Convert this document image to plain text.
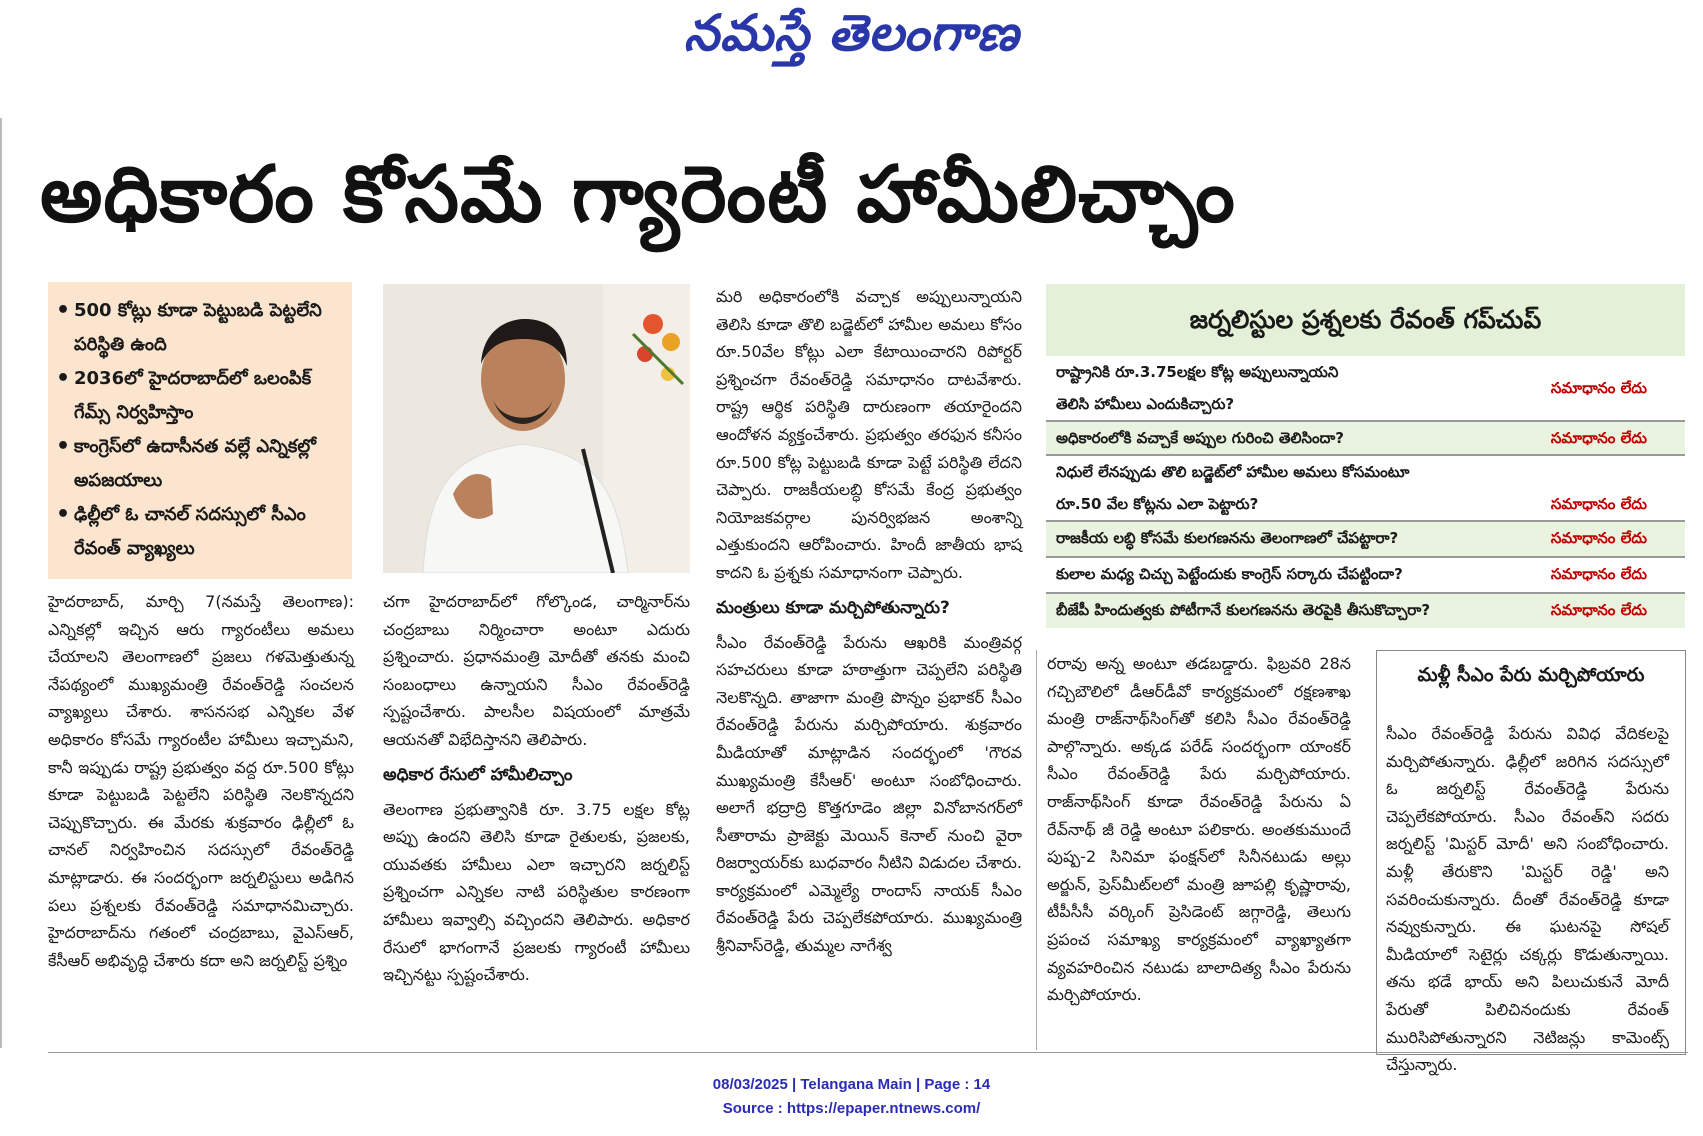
నమస్తే తెలంగాణ
అధికారం కోసమే గ్యారెంటీ హామీలిచ్చాం
• 500 కోట్లు కూడా పెట్టుబడి పెట్టలేని పరిస్థితి ఉంది
• 2036లో హైదరాబాద్‌లో ఒలంపిక్ గేమ్స్ నిర్వహిస్తాం
• కాంగ్రెస్‌లో ఉదాసీనత వల్లే ఎన్నికల్లో అపజయాలు
• ఢిల్లీలో ఓ చానల్ సదస్సులో సీఎం రేవంత్ వ్యాఖ్యలు

హైదరాబాద్, మార్చి 7(నమస్తే తెలంగాణ): ఎన్నికల్లో ఇచ్చిన ఆరు గ్యారంటీలు అమలు చేయాలని తెలంగాణలో ప్రజలు గళమెత్తుతున్న నేపథ్యంలో ముఖ్యమంత్రి రేవంత్‌రెడ్డి సంచలన వ్యాఖ్యలు చేశారు. శాసనసభ ఎన్నికల వేళ అధికారం కోసమే గ్యారంటీల హామీలు ఇచ్చామని, కానీ ఇప్పుడు రాష్ట్ర ప్రభుత్వం వద్ద రూ.500 కోట్లు కూడా పెట్టుబడి పెట్టలేని పరిస్థితి నెలకొన్నదని చెప్పుకొచ్చారు. ఈ మేరకు శుక్రవారం ఢిల్లీలో ఓ చానల్ నిర్వహించిన సదస్సులో రేవంత్‌రెడ్డి మాట్లాడారు. ఈ సందర్భంగా జర్నలిస్టులు అడిగిన పలు ప్రశ్నలకు రేవంత్‌రెడ్డి సమాధానమిచ్చారు. హైదరాబాద్‌ను గతంలో చంద్రబాబు, వైఎస్ఆర్, కేసీఆర్ అభివృద్ధి చేశారు కదా అని జర్నలిస్ట్ ప్రశ్నిం

చగా హైదరాబాద్‌లో గోల్కొండ, చార్మినార్‌ను చంద్రబాబు నిర్మించారా అంటూ ఎదురు ప్రశ్నించారు. ప్రధానమంత్రి మోదీతో తనకు మంచి సంబంధాలు ఉన్నాయని సీఎం రేవంత్‌రెడ్డి స్పష్టంచేశారు. పాలసీల విషయంలో మాత్రమే ఆయనతో విభేదిస్తానని తెలిపారు.

అధికార రేసులో హామీలిచ్చాం

తెలంగాణ ప్రభుత్వానికి రూ. 3.75 లక్షల కోట్ల అప్పు ఉందని తెలిసి కూడా రైతులకు, ప్రజలకు, యువతకు హామీలు ఎలా ఇచ్చారని జర్నలిస్ట్ ప్రశ్నించగా ఎన్నికల నాటి పరిస్థితుల కారణంగా హామీలు ఇవ్వాల్సి వచ్చిందని తెలిపారు. అధికార రేసులో భాగంగానే ప్రజలకు గ్యారంటీ హామీలు ఇచ్చినట్టు స్పష్టంచేశారు.

మరి అధికారంలోకి వచ్చాక అప్పులున్నాయని తెలిసి కూడా తొలి బడ్జెట్‌లో హామీల అమలు కోసం రూ.50వేల కోట్లు ఎలా కేటాయించారని రిపోర్టర్ ప్రశ్నించగా రేవంత్‌రెడ్డి సమాధానం దాటవేశారు. రాష్ట్ర ఆర్థిక పరిస్థితి దారుణంగా తయారైందని ఆందోళన వ్యక్తంచేశారు. ప్రభుత్వం తరఫున కనీసం రూ.500 కోట్ల పెట్టుబడి కూడా పెట్టే పరిస్థితి లేదని చెప్పారు. రాజకీయలబ్ధి కోసమే కేంద్ర ప్రభుత్వం నియోజకవర్గాల పునర్విభజన అంశాన్ని ఎత్తుకుందని ఆరోపించారు. హిందీ జాతీయ భాష కాదని ఓ ప్రశ్నకు సమాధానంగా చెప్పారు.

మంత్రులు కూడా మర్చిపోతున్నారు?

సీఎం రేవంత్‌రెడ్డి పేరును ఆఖరికి మంత్రివర్గ సహచరులు కూడా హఠాత్తుగా చెప్పలేని పరిస్థితి నెలకొన్నది. తాజాగా మంత్రి పొన్నం ప్రభాకర్ సీఎం రేవంత్‌రెడ్డి పేరును మర్చిపోయారు. శుక్రవారం మీడియాతో మాట్లాడిన సందర్భంలో 'గౌరవ ముఖ్యమంత్రి కేసీఆర్' అంటూ సంబోధించారు. అలాగే భద్రాద్రి కొత్తగూడెం జిల్లా వినోబానగర్‌లో సీతారామ ప్రాజెక్టు మెయిన్ కెనాల్ నుంచి వైరా రిజర్వాయర్‌కు బుధవారం నీటిని విడుదల చేశారు. కార్యక్రమంలో ఎమ్మెల్యే రాందాస్ నాయక్ సీఎం రేవంత్‌రెడ్డి పేరు చెప్పలేకపోయారు. ముఖ్యమంత్రి శ్రీనివాస్‌రెడ్డి, తుమ్మల నాగేశ్వ

జర్నలిస్టుల ప్రశ్నలకు రేవంత్ గప్‌చుప్
రాష్ట్రానికి రూ.3.75లక్షల కోట్ల అప్పులున్నాయని
తెలిసి హామీలు ఎందుకిచ్చారు?
సమాధానం లేదు
అధికారంలోకి వచ్చాకే అప్పుల గురించి తెలిసిందా?	సమాధానం లేదు
నిధులే లేనప్పుడు తొలి బడ్జెట్‌లో హామీల అమలు కోసమంటూ
రూ.50 వేల కోట్లను ఎలా పెట్టారు?	సమాధానం లేదు
రాజకీయ లబ్ధి కోసమే కులగణనను తెలంగాణలో చేపట్టారా?	సమాధానం లేదు
కులాల మధ్య చిచ్చు పెట్టేందుకు కాంగ్రెస్ సర్కారు చేపట్టిందా?	సమాధానం లేదు
బీజేపీ హిందుత్వకు పోటీగానే కులగణనను తెరపైకి తీసుకొచ్చారా?	సమాధానం లేదు

రరావు అన్న అంటూ తడబడ్డారు. ఫిబ్రవరి 28న గచ్చిబౌలిలో డీఆర్‌డీవో కార్యక్రమంలో రక్షణశాఖ మంత్రి రాజ్‌నాథ్‌సింగ్‌తో కలిసి సీఎం రేవంత్‌రెడ్డి పాల్గొన్నారు. అక్కడ పరేడ్ సందర్భంగా యాంకర్ సీఎం రేవంత్‌రెడ్డి పేరు మర్చిపోయారు. రాజ్‌నాథ్‌సింగ్ కూడా రేవంత్‌రెడ్డి పేరును ఏ రేవ్‌నాథ్ జీ రెడ్డి అంటూ పలికారు. అంతకుముందే పుష్ప-2 సినిమా ఫంక్షన్‌లో సినీనటుడు అల్లు అర్జున్, ప్రెస్‌మీట్‌లలో మంత్రి జూపల్లి కృష్ణారావు, టీపీసీసీ వర్కింగ్ ప్రెసిడెంట్ జగ్గారెడ్డి, తెలుగు ప్రపంచ సమాఖ్య కార్యక్రమంలో వ్యాఖ్యాతగా వ్యవహరించిన నటుడు బాలాదిత్య సీఎం పేరును మర్చిపోయారు.

మళ్లీ సీఎం పేరు మర్చిపోయారు

సీఎం రేవంత్‌రెడ్డి పేరును వివిధ వేదికలపై మర్చిపోతున్నారు. ఢిల్లీలో జరిగిన సదస్సులో ఓ జర్నలిస్ట్ రేవంత్‌రెడ్డి పేరును చెప్పలేకపోయారు. సీఎం రేవంత్‌ని సదరు జర్నలిస్ట్ 'మిస్టర్ మోదీ' అని సంబోధించారు. మళ్లీ తేరుకొని 'మిస్టర్ రెడ్డి' అని సవరించుకున్నారు. దీంతో రేవంత్‌రెడ్డి కూడా నవ్వుకున్నారు. ఈ ఘటనపై సోషల్ మీడియాలో సెటైర్లు చక్కర్లు కొడుతున్నాయి. తను భడే భాయ్ అని పిలుచుకునే మోదీ పేరుతో పిలిచినందుకు రేవంత్ మురిసిపోతున్నారని నెటిజన్లు కామెంట్స్ చేస్తున్నారు.

08/03/2025 | Telangana Main | Page : 14
Source : https://epaper.ntnews.com/
